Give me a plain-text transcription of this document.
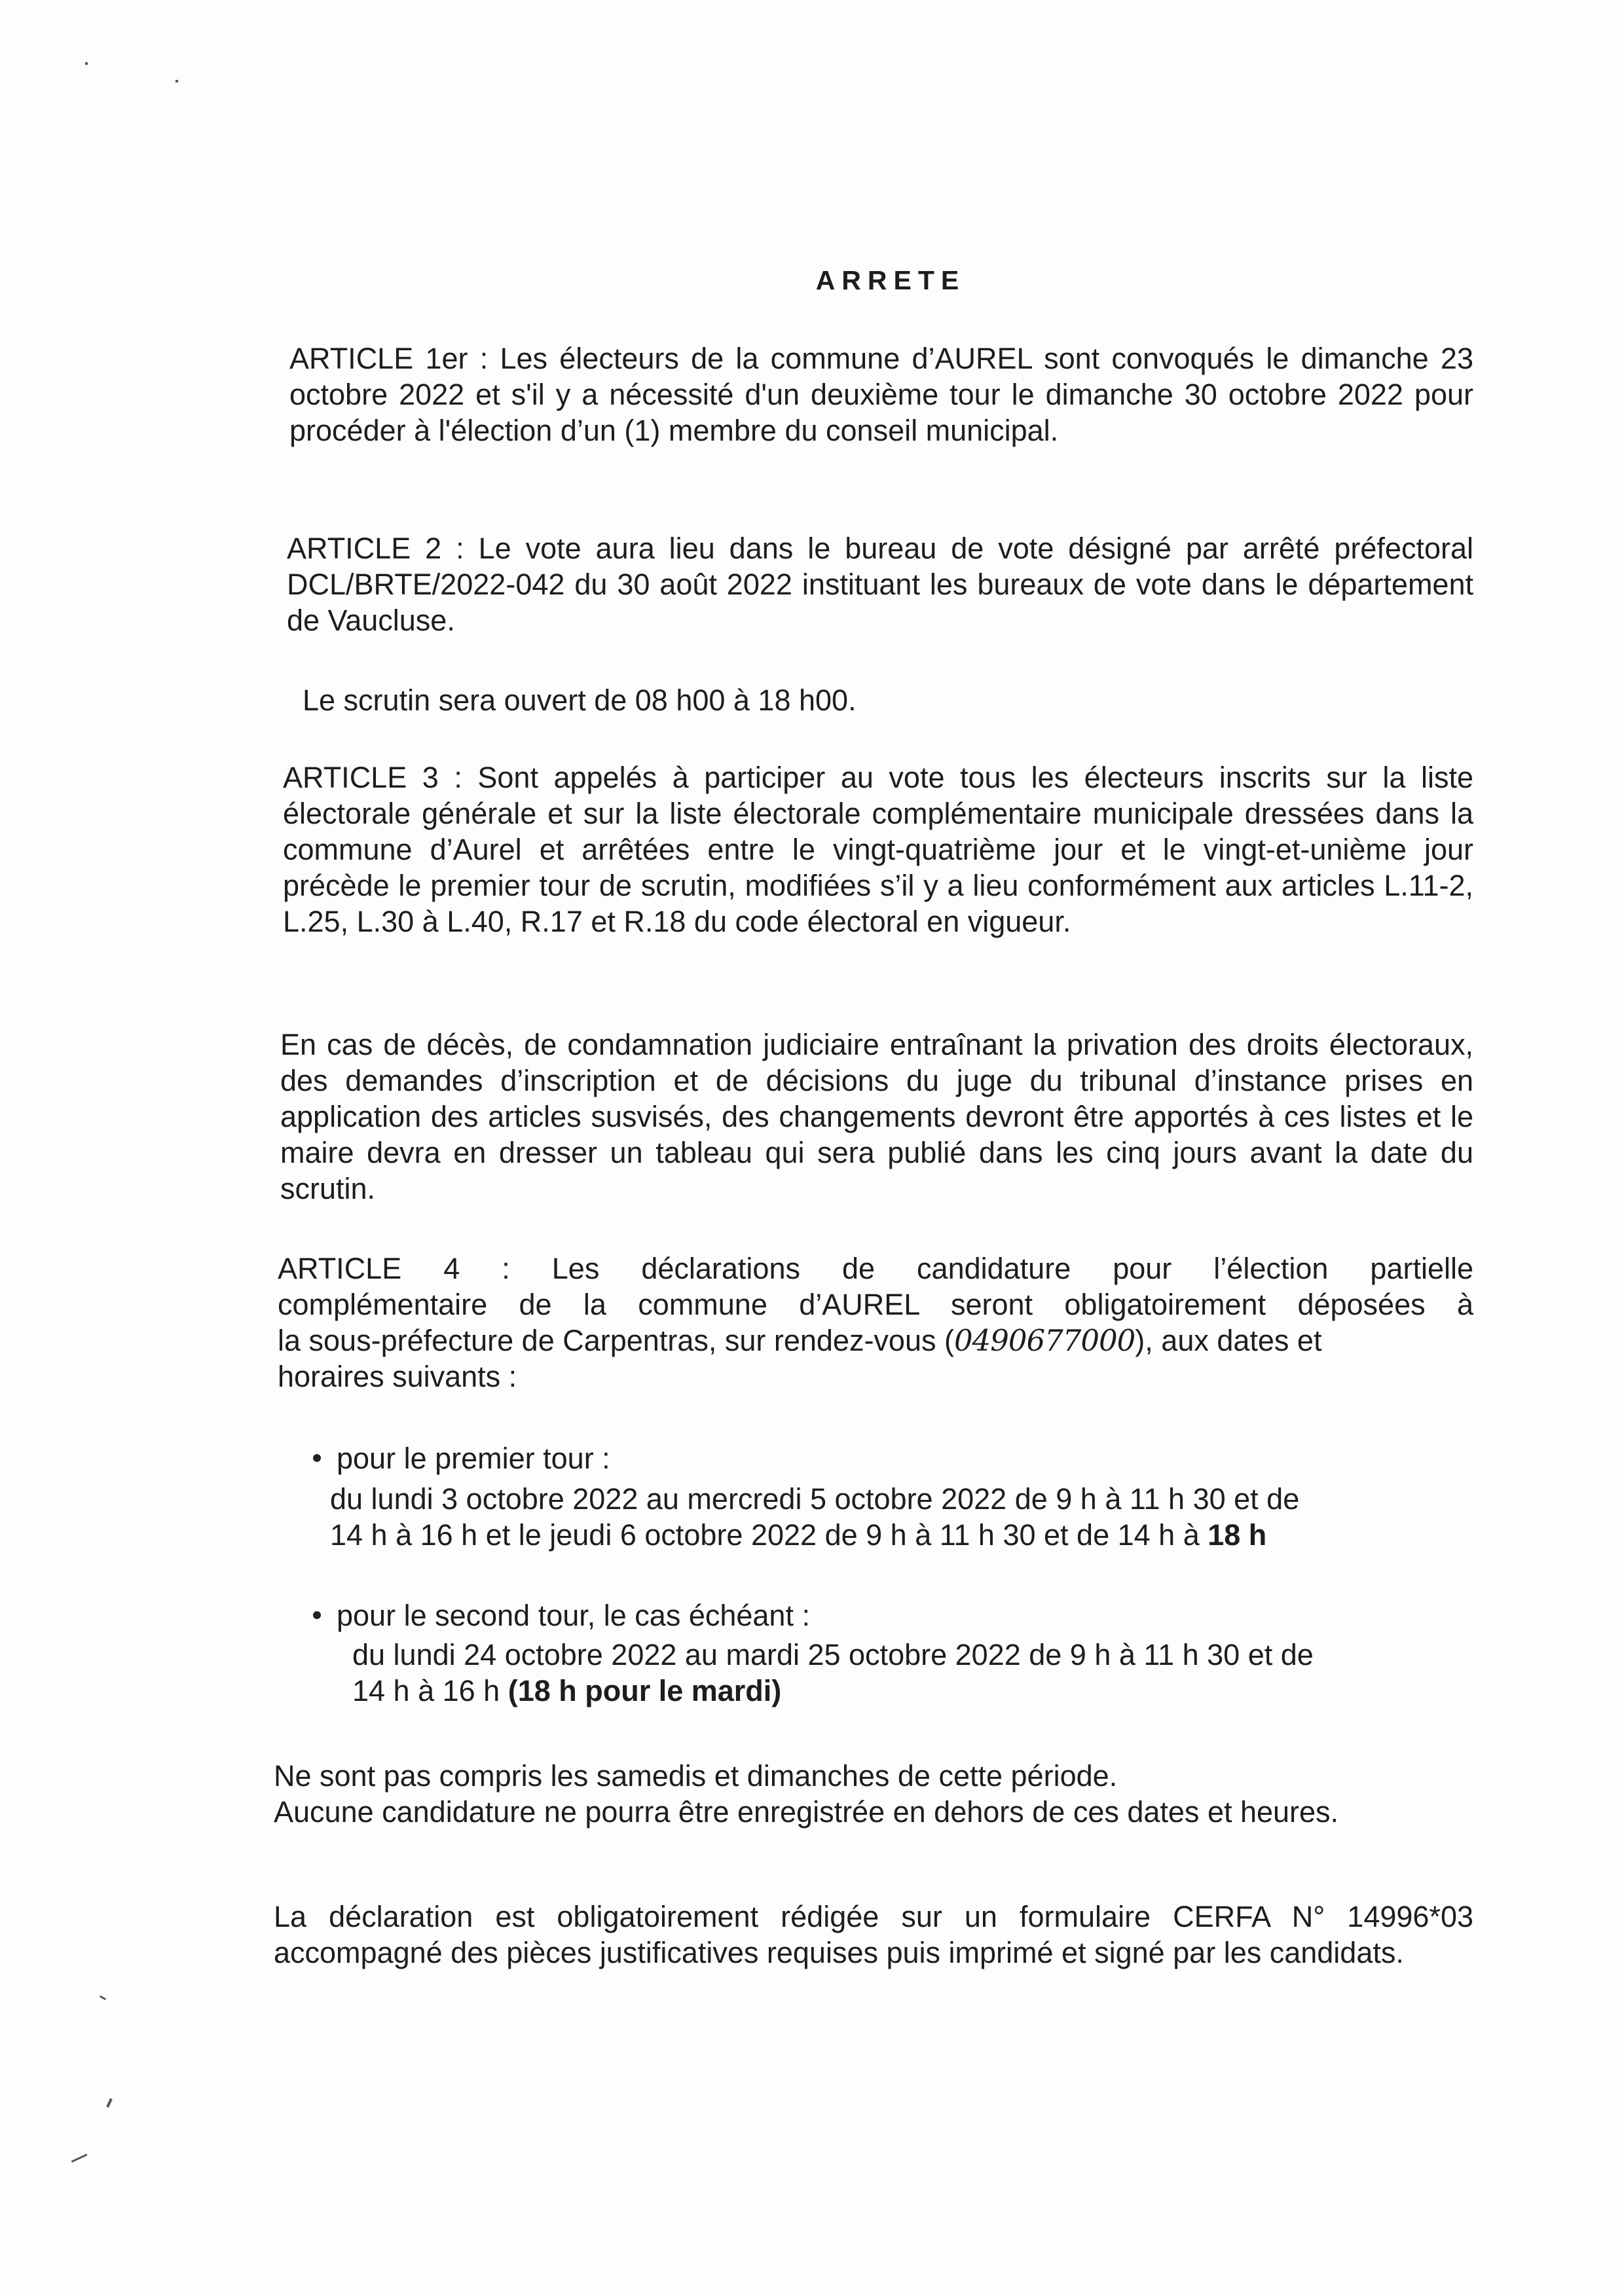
ARRETE
ARTICLE 1er : Les électeurs de la commune d’AUREL sont convoqués le dimanche 23 octobre 2022 et s'il y a nécessité d'un deuxième tour le dimanche 30 octobre 2022 pour procéder à l'élection d’un (1) membre du conseil municipal.
ARTICLE 2 : Le vote aura lieu dans le bureau de vote désigné par arrêté préfectoral DCL/BRTE/2022-042 du 30 août 2022 instituant les bureaux de vote dans le département de Vaucluse.
Le scrutin sera ouvert de 08 h00 à 18 h00.
ARTICLE 3 : Sont appelés à participer au vote tous les électeurs inscrits sur la liste électorale générale et sur la liste électorale complémentaire municipale dressées dans la commune d’Aurel et arrêtées entre le vingt-quatrième jour et le vingt-et-unième jour précède le premier tour de scrutin, modifiées s’il y a lieu conformément aux articles L.11-2, L.25, L.30 à L.40, R.17 et R.18 du code électoral en vigueur.
En cas de décès, de condamnation judiciaire entraînant la privation des droits électoraux, des demandes d’inscription et de décisions du juge du tribunal d’instance prises en application des articles susvisés, des changements devront être apportés à ces listes et le maire devra en dresser un tableau qui sera publié dans les cinq jours avant la date du scrutin.
ARTICLE 4 : Les déclarations de candidature pour l’élection partielle
complémentaire de la commune d’AUREL seront obligatoirement déposées à
la sous-préfecture de Carpentras, sur rendez-vous (0490677000), aux dates et
horaires suivants :
pour le premier tour :
du lundi 3 octobre 2022 au mercredi 5 octobre 2022 de 9 h à 11 h 30 et de
14 h à 16 h et le jeudi 6 octobre 2022 de 9 h à 11 h 30 et de 14 h à 18 h
pour le second tour, le cas échéant :
du lundi 24 octobre 2022 au mardi 25 octobre 2022 de 9 h à 11 h 30 et de
14 h à 16 h (18 h pour le mardi)
Ne sont pas compris les samedis et dimanches de cette période.
Aucune candidature ne pourra être enregistrée en dehors de ces dates et heures.
La déclaration est obligatoirement rédigée sur un formulaire CERFA N° 14996*03 accompagné des pièces justificatives requises puis imprimé et signé par les candidats.
